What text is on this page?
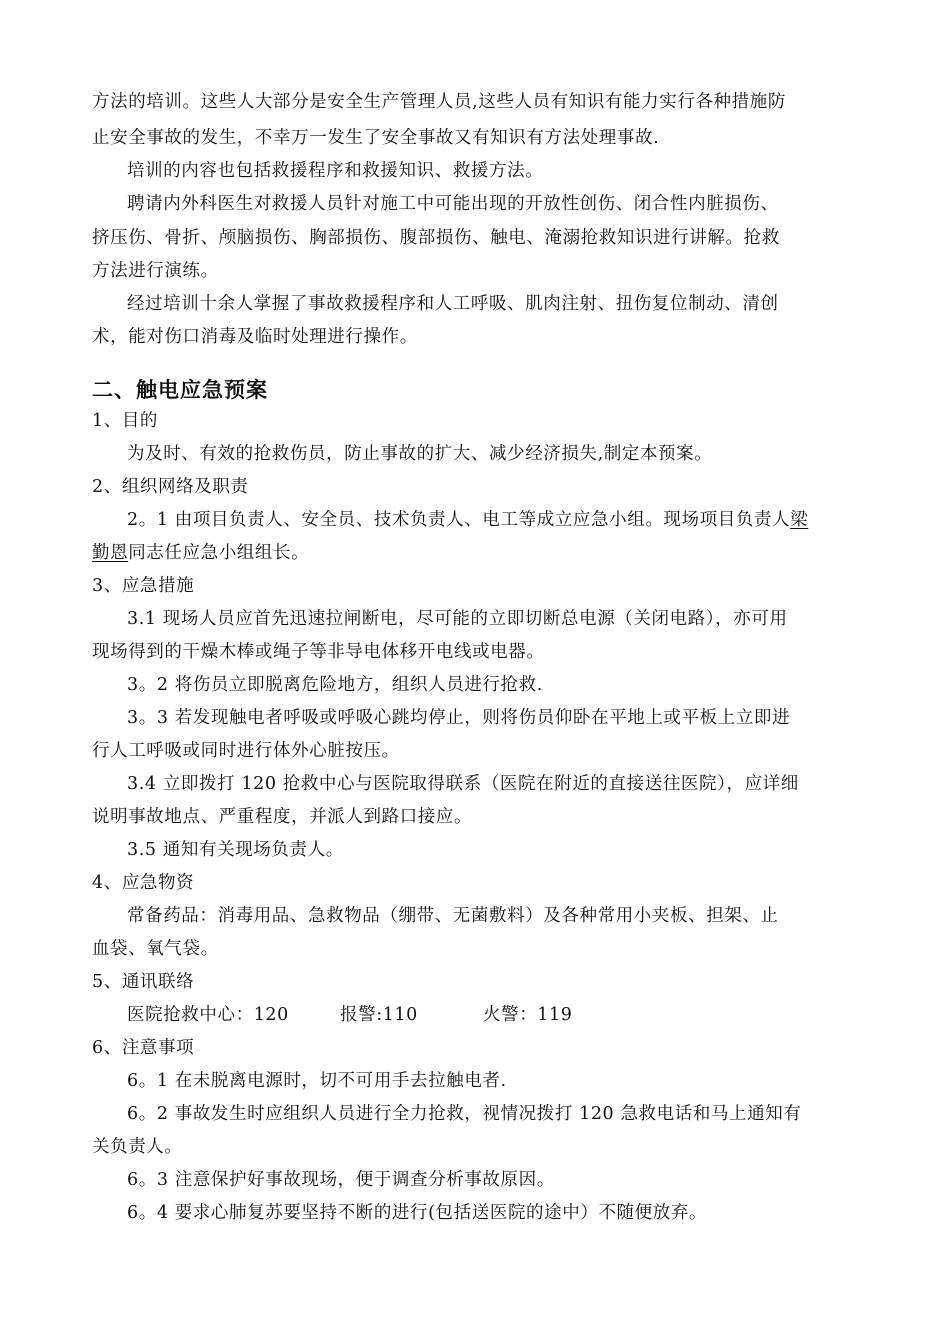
方法的培训。这些人大部分是安全生产管理人员,这些人员有知识有能力实行各种措施防
止安全事故的发生，不幸万一发生了安全事故又有知识有方法处理事故.
培训的内容也包括救援程序和救援知识、救援方法。
聘请内外科医生对救援人员针对施工中可能出现的开放性创伤、闭合性内脏损伤、
挤压伤、骨折、颅脑损伤、胸部损伤、腹部损伤、触电、淹溺抢救知识进行讲解。抢救
方法进行演练。
经过培训十余人掌握了事故救援程序和人工呼吸、肌肉注射、扭伤复位制动、清创
术，能对伤口消毒及临时处理进行操作。
二、触电应急预案
1、目的
为及时、有效的抢救伤员，防止事故的扩大、减少经济损失,制定本预案。
2、组织网络及职责
2。1 由项目负责人、安全员、技术负责人、电工等成立应急小组。现场项目负责人梁
勤恩同志任应急小组组长。
3、应急措施
3.1 现场人员应首先迅速拉闸断电，尽可能的立即切断总电源（关闭电路），亦可用
现场得到的干燥木棒或绳子等非导电体移开电线或电器。
3。2 将伤员立即脱离危险地方，组织人员进行抢救.
3。3 若发现触电者呼吸或呼吸心跳均停止，则将伤员仰卧在平地上或平板上立即进
行人工呼吸或同时进行体外心脏按压。
3.4 立即拨打 120 抢救中心与医院取得联系（医院在附近的直接送往医院），应详细
说明事故地点、严重程度，并派人到路口接应。
3.5 通知有关现场负责人。
4、应急物资
常备药品：消毒用品、急救物品（绷带、无菌敷料）及各种常用小夹板、担架、止
血袋、氧气袋。
5、通讯联络
医院抢救中心：120	报警:110	火警：119
6、注意事项
6。1 在未脱离电源时，切不可用手去拉触电者.
6。2 事故发生时应组织人员进行全力抢救，视情况拨打 120 急救电话和马上通知有
关负责人。
6。3 注意保护好事故现场，便于调查分析事故原因。
6。4 要求心肺复苏要坚持不断的进行(包括送医院的途中）不随便放弃。
